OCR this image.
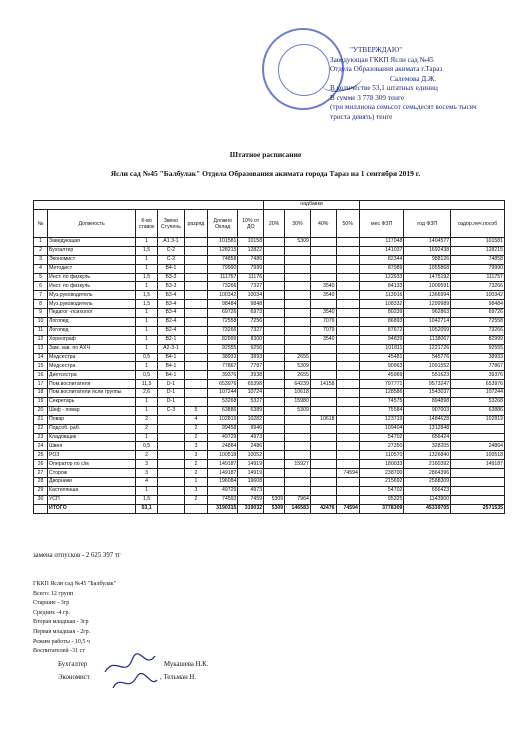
"УТВЕРЖДАЮ"
Заведующая ГККП Ясли сад №45
Отдела Образования акимата г.Тараз
Салемова Д.Ж.
В количестве 53,1 штатных единиц
В сумме 3 778 309 тенге
(три миллиона семьсот семьдесят восемь тысяч
триста девять) тенге
Штатное расписание
Ясли сад №45 "Балбулак" Отдела Образования акимата города Тараз на 1 сентября 2019 г.
							надбавки						
№	Должность	К-во ставок	Звено Ступень	разряд	Должно Оклад	10% от ДО	20%	30%	40%	50%	мес ФЗП	год ФЗП	оздор.леч.пособ
1	Заведующая	1	А1 3-1		101581	10158		5309			117048	1404577	101581
2	Бухгалтер	1,5	С-2		128215	12822					141037	1692438	128215
3	Экономист	1	С-2		74858	7486					82344	988126	74858
4	Методист	1	В4-1		79990	7999					87989	1055868	79990
5	Инст. по физкуль	1,5	В3-3		111757	11176					122933	1475192	111757
6	Инст. по физкуль	1	В3-3		73266	7327			3540		84133	1009591	73266
7	Муз.руководитель	1,5	В3-4		100342	10034			3540		113916	1366994	100342
8	Муз.руководитель	1,5	В3-4		98484	9848					108332	1299989	98484
9	Педагог -психолог	1	В3-4		69726	6973			3540		80239	962863	69726
10	Логопед	1	В2-4		72558	7256			7079		86893	1042714	72558
11	Логопед	1	В2-4		73266	7327			7079		87672	1052059	73266
12	Хореограф	1	В2-1		82999	8300			3540		94839	1138067	82999
13	Зам. зав. по АХЧ	1	А2-3-1		92555	9256					101811	1221726	92555
14	Медсестра	0,5	В4-1		38933	3893		2655			45481	545776	38933
15	Медсестра	1	В4-1		77867	7787		5309			90963	1091552	77867
16	Диетсестра	0,5	В4-1		39376	3938		2655			45969	551623	39376
17	Пом.воспитателя	11,5	D-1		653976	65398		64239	14158		797771	9573247	653976
18	Пом.воспитатели ясли группы	2,6	D-1		107244	10724		10618			128586	1543037	107244
19	Секретарь	1	D-1		53268	5327		15980			74575	894898	53268
20	Шеф - повар	1	С-3	5	63886	6389		5309			75584	907003	63886
21	Повар	2		4	102819	10282			10618		123719	1484628	102819
22	Подсоб. раб.	2		2	99458	9946					109404	1312848	
23	Кладовщик	1		2	49729	4973					54702	656424	
24	Швея	0,5		3	24864	2486					27350	328205	24864
25	РОЗ	2		3	100518	10052					110570	1326840	100518
26	Оператор по с/м	3		2	149187	14919		15927			180033	2160392	149187
27	Сторож	3		2	149187	14919				74594	238700	2864396	
28	Дворники	4		1	196084	19608					215692	2588309	
29	Кастелянша	1		3	49729	4973					54702	656423	
30	УСП	1,5		2	74593	7459	5309	7964			95325	1143900	
	ИТОГО	53,1			3190315	319032	5309	146583	42476	74594	3778309	45339705	2571535
замена отпусков - 2 625 397 тг
ГККП Ясли сад №45 "Балбулак"
Всего: 12 групп
Старшие - 3гр
Средних -4 гр.
Вторая младшая - 3гр
Первая младшая - 2гр.
Режим работы - 10,5 ч
Воспитателей -31 ст
Бухгалтер	Мукашева Н.К.
Экономист	, Тельман Н.
